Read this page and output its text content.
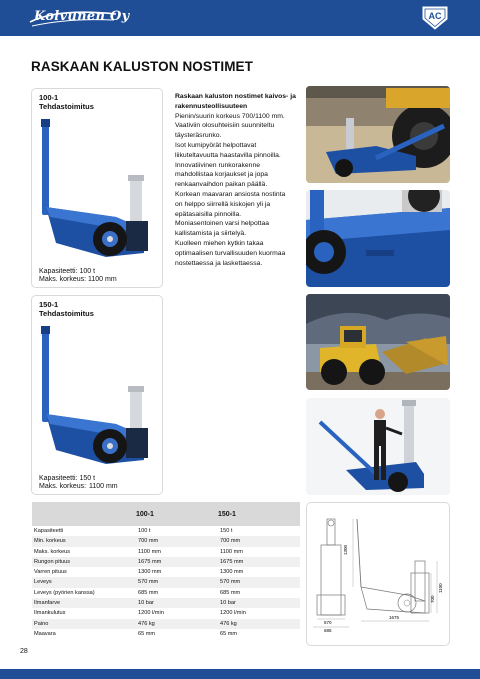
Kolvunen Oy	AC
RASKAAN KALUSTON NOSTIMET
100-1
Tehdastoimitus
Kapasiteetti: 100 t
Maks. korkeus: 1100 mm
150-1
Tehdastoimitus
Kapasiteetti: 150 t
Maks. korkeus: 1100 mm
Raskaan kaluston nostimet kaivos- ja rakennusteollisuuteen
Pienin/suurin korkeus 700/1100 mm.
Vaativiin olosuhteisiin suunniteltu
täysteräsrunko.
Isot kumipyörät helpottavat
liikuteltavuutta haastavilla pinnoilla.
Innovatiivinen runkorakenne
mahdollistaa korjaukset ja jopa
renkaanvaihdon paikan päällä.
Korkean maavaran ansiosta nostinta
on helppo siirrellä kiskojen yli ja
epätasaisilla pinnoilla.
Moniasentoinen varsi helpottaa
kallistamista ja siirtelyä.
Kuolleen miehen kytkin takaa
optimaalisen turvallisuuden kuormaa
nostettaessa ja laskettaessa.
	100-1	150-1
Kapasiteetti	100 t	150 t
Min. korkeus	700 mm	700 mm
Maks. korkeus	1100 mm	1100 mm
Rungon pituus	1675 mm	1675 mm
Varren pituus	1300 mm	1300 mm
Leveys	570 mm	570 mm
Leveys (pyörien kanssa)	685 mm	685 mm
Ilmanfarve	10 bar	10 bar
Ilmankulutus	1200 l/min	1200 l/min
Paino	476 kg	476 kg
Maavara	65 mm	65 mm
570
685
1300
1675
1100
700
28
